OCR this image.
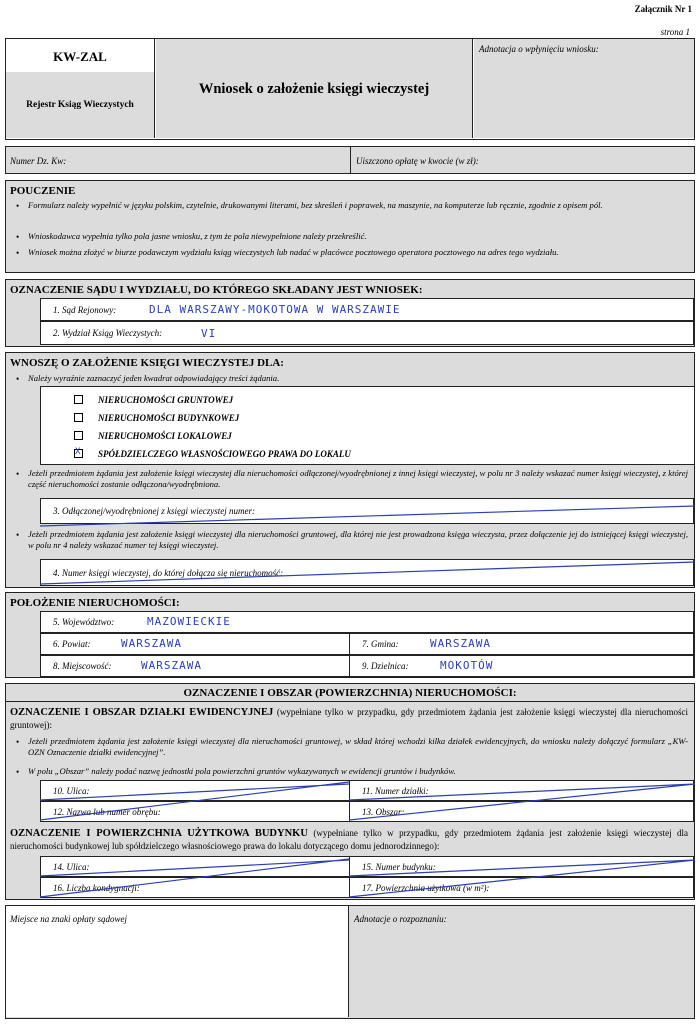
Załącznik Nr 1
strona 1
KW-ZAL
Rejestr Ksiąg Wieczystych
Wniosek o założenie księgi wieczystej
Adnotacja o wpłynięciu wniosku:
Numer Dz. Kw:	Uiszczono opłatę w kwocie (w zł):
POUCZENIE
• Formularz należy wypełnić w języku polskim, czytelnie, drukowanymi literami, bez skreśleń i poprawek, na maszynie, na komputerze lub ręcznie, zgodnie z opisem pól.
• Wnioskodawca wypełnia tylko pola jasne wniosku, z tym że pola niewypełnione należy przekreślić.
• Wniosek można złożyć w biurze podawczym wydziału ksiąg wieczystych lub nadać w placówce pocztowego operatora pocztowego na adres tego wydziału.
OZNACZENIE SĄDU I WYDZIAŁU, DO KTÓREGO SKŁADANY JEST WNIOSEK:
1. Sąd Rejonowy:	DLA WARSZAWY-MOKOTOWA W WARSZAWIE
2. Wydział Ksiąg Wieczystych:	VI
WNOSZĘ O ZAŁOŻENIE KSIĘGI WIECZYSTEJ DLA:
• Należy wyraźnie zaznaczyć jeden kwadrat odpowiadający treści żądania.
NIERUCHOMOŚCI GRUNTOWEJ
NIERUCHOMOŚCI BUDYNKOWEJ
NIERUCHOMOŚCI LOKALOWEJ
X SPÓŁDZIELCZEGO WŁASNOŚCIOWEGO PRAWA DO LOKALU
• Jeżeli przedmiotem żądania jest założenie księgi wieczystej dla nieruchomości odłączonej/wyodrębnionej z innej księgi wieczystej, w polu nr 3 należy wskazać numer księgi wieczystej, z której część nieruchomości zostanie odłączona/wyodrębniona.
3. Odłączonej/wyodrębnionej z księgi wieczystej numer:
• Jeżeli przedmiotem żądania jest założenie księgi wieczystej dla nieruchomości gruntowej, dla której nie jest prowadzona księga wieczysta, przez dołączenie jej do istniejącej księgi wieczystej, w polu nr 4 należy wskazać numer tej księgi wieczystej.
4. Numer księgi wieczystej, do której dołącza się nieruchomość:
POŁOŻENIE NIERUCHOMOŚCI:
5. Województwo:	MAZOWIECKIE
6. Powiat:	WARSZAWA	7. Gmina:	WARSZAWA
8. Miejscowość:	WARSZAWA	9. Dzielnica:	MOKOTÓW
OZNACZENIE I OBSZAR (POWIERZCHNIA) NIERUCHOMOŚCI:
OZNACZENIE I OBSZAR DZIAŁKI EWIDENCYJNEJ (wypełniane tylko w przypadku, gdy przedmiotem żądania jest założenie księgi wieczystej dla nieruchomości gruntowej):
• Jeżeli przedmiotem żądania jest założenie księgi wieczystej dla nieruchomości gruntowej, w skład której wchodzi kilka działek ewidencyjnych, do wniosku należy dołączyć formularz „KW-OZN Oznaczenie działki ewidencyjnej”.
• W polu „Obszar” należy podać nazwę jednostki pola powierzchni gruntów wykazywanych w ewidencji gruntów i budynków.
10. Ulica:	11. Numer działki:
12. Nazwa lub numer obrębu:	13. Obszar:
OZNACZENIE I POWIERZCHNIA UŻYTKOWA BUDYNKU (wypełniane tylko w przypadku, gdy przedmiotem żądania jest założenie księgi wieczystej dla nieruchomości budynkowej lub spółdzielczego własnościowego prawa do lokalu dotyczącego domu jednorodzinnego):
14. Ulica:	15. Numer budynku:
16. Liczba kondygnacji:	17. Powierzchnia użytkowa (w m²):
Miejsce na znaki opłaty sądowej	Adnotacje o rozpoznaniu:
